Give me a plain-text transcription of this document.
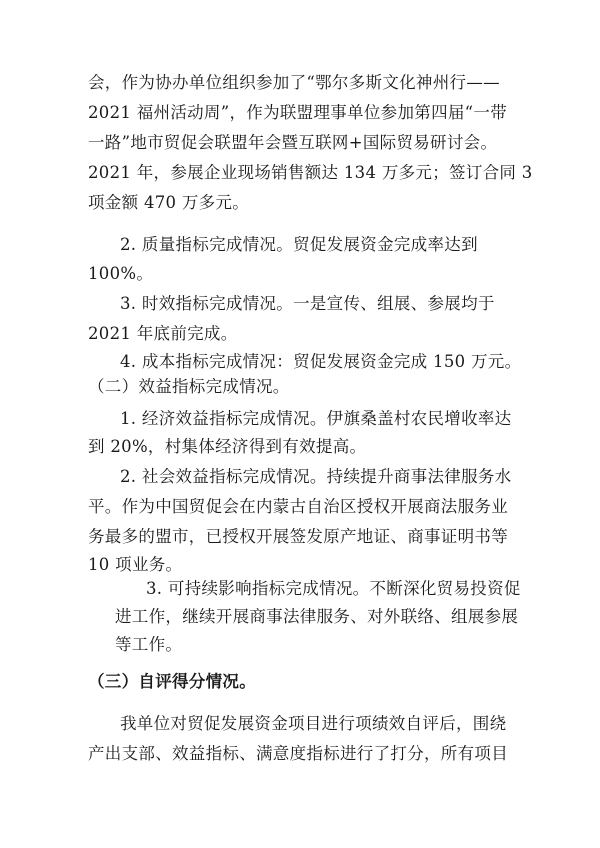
会，作为协办单位组织参加了“鄂尔多斯文化神州行——
2021 福州活动周”，作为联盟理事单位参加第四届“一带
一路”地市贸促会联盟年会暨互联网+国际贸易研讨会。
2021 年，参展企业现场销售额达 134 万多元；签订合同 3
项金额 470 万多元。
2. 质量指标完成情况。贸促发展资金完成率达到
100%。
3. 时效指标完成情况。一是宣传、组展、参展均于
2021 年底前完成。
4. 成本指标完成情况：贸促发展资金完成 150 万元。
（二）效益指标完成情况。
1. 经济效益指标完成情况。伊旗桑盖村农民增收率达
到 20%，村集体经济得到有效提高。
2. 社会效益指标完成情况。持续提升商事法律服务水
平。作为中国贸促会在内蒙古自治区授权开展商法服务业
务最多的盟市，已授权开展签发原产地证、商事证明书等
10 项业务。
3. 可持续影响指标完成情况。不断深化贸易投资促
进工作，继续开展商事法律服务、对外联络、组展参展
等工作。
（三）自评得分情况。
我单位对贸促发展资金项目进行项绩效自评后，围绕
产出支部、效益指标、满意度指标进行了打分，所有项目
